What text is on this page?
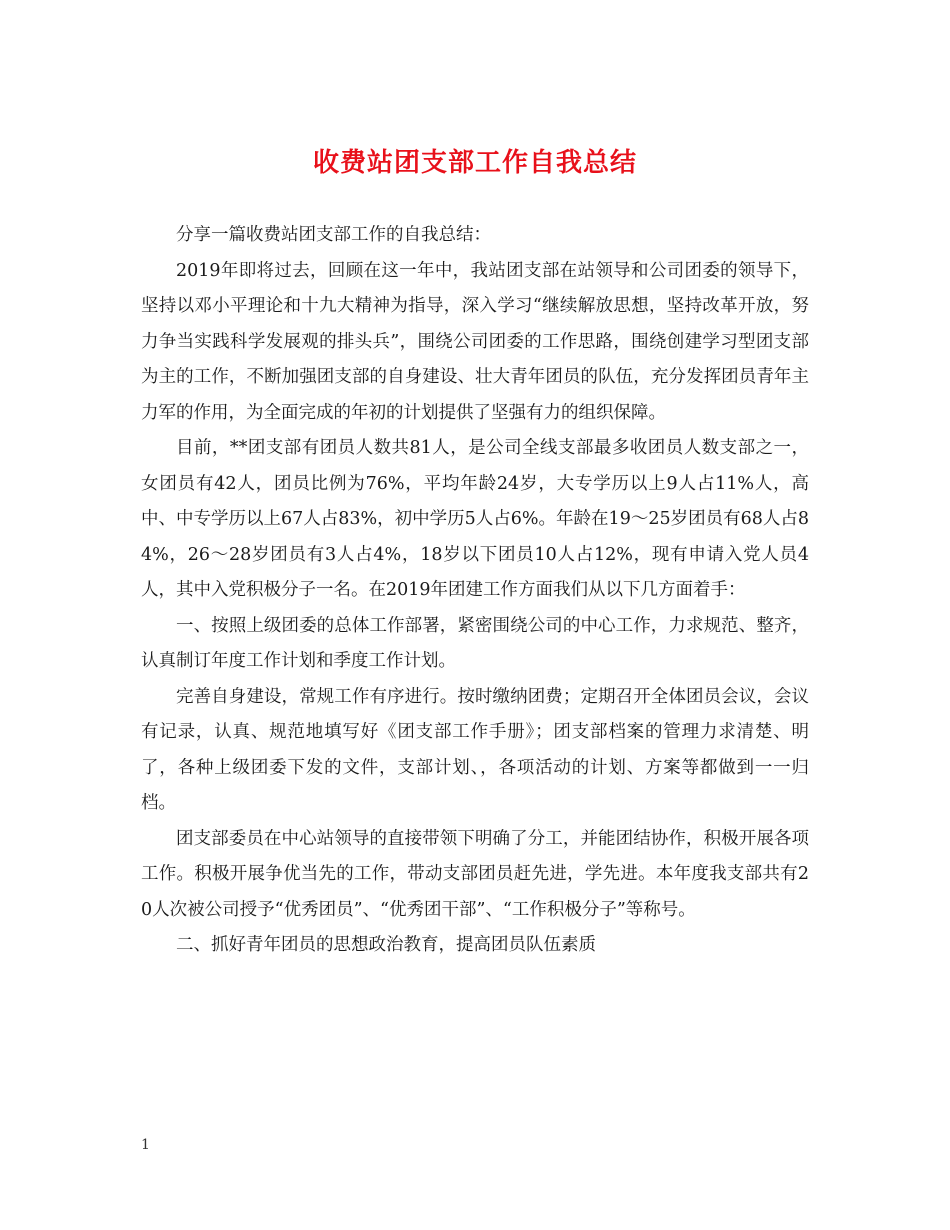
收费站团支部工作自我总结

分享一篇收费站团支部工作的自我总结：

2019年即将过去，回顾在这一年中，我站团支部在站领导和公司团委的领导下，坚持以邓小平理论和十九大精神为指导，深入学习“继续解放思想，坚持改革开放，努力争当实践科学发展观的排头兵”，围绕公司团委的工作思路，围绕创建学习型团支部为主的工作，不断加强团支部的自身建设、壮大青年团员的队伍，充分发挥团员青年主力军的作用，为全面完成的年初的计划提供了坚强有力的组织保障。

目前，**团支部有团员人数共81人，是公司全线支部最多收团员人数支部之一，女团员有42人，团员比例为76%，平均年龄24岁，大专学历以上9人占11%人，高中、中专学历以上67人占83%，初中学历5人占6%。年龄在19～25岁团员有68人占84%，26～28岁团员有3人占4%，18岁以下团员10人占12%，现有申请入党人员4人，其中入党积极分子一名。在2019年团建工作方面我们从以下几方面着手：

一、按照上级团委的总体工作部署，紧密围绕公司的中心工作，力求规范、整齐，认真制订年度工作计划和季度工作计划。

完善自身建设，常规工作有序进行。按时缴纳团费；定期召开全体团员会议，会议有记录，认真、规范地填写好《团支部工作手册》；团支部档案的管理力求清楚、明了，各种上级团委下发的文件，支部计划、，各项活动的计划、方案等都做到一一归档。

团支部委员在中心站领导的直接带领下明确了分工，并能团结协作，积极开展各项工作。积极开展争优当先的工作，带动支部团员赶先进，学先进。本年度我支部共有20人次被公司授予“优秀团员”、“优秀团干部”、“工作积极分子”等称号。

二、抓好青年团员的思想政治教育，提高团员队伍素质

1
